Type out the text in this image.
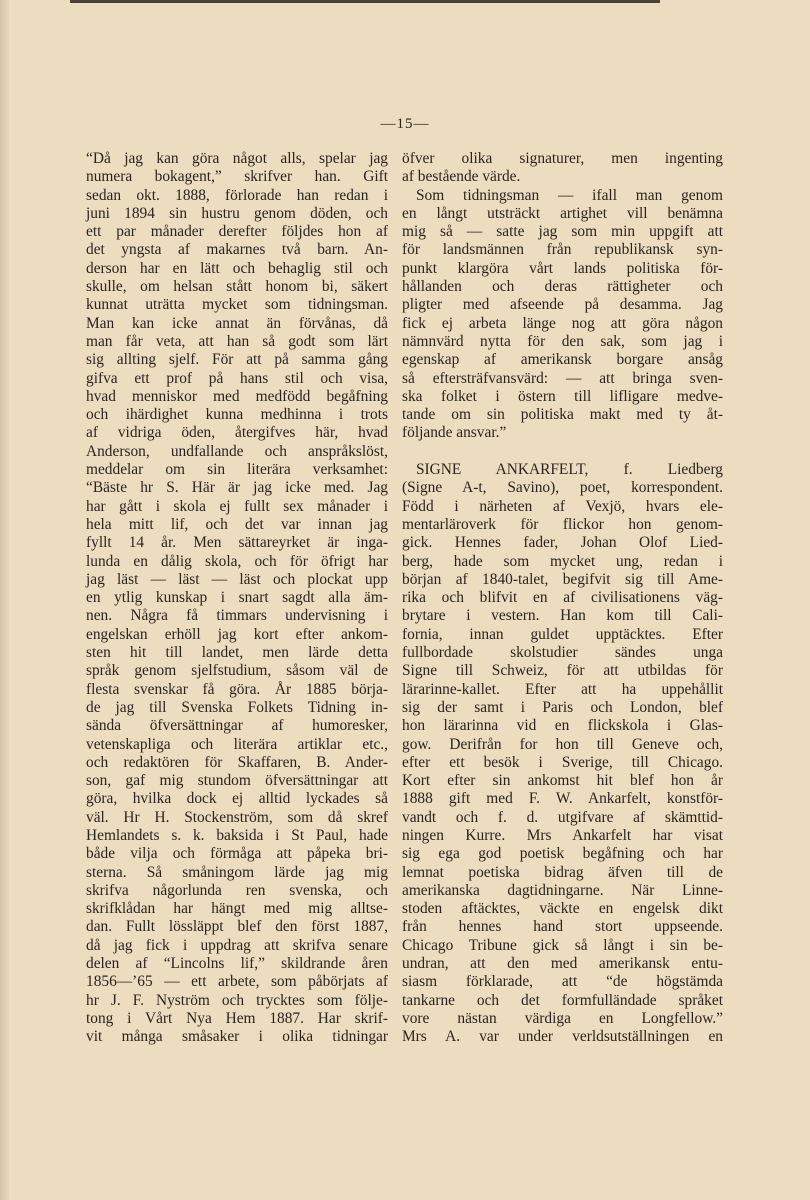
—15—
“Då jag kan göra något alls, spelar jag
numera bokagent,” skrifver han. Gift
sedan okt. 1888, förlorade han redan i
juni 1894 sin hustru genom döden, och
ett par månader derefter följdes hon af
det yngsta af makarnes två barn. An-
derson har en lätt och behaglig stil och
skulle, om helsan stått honom bi, säkert
kunnat uträtta mycket som tidningsman.
Man kan icke annat än förvånas, då
man får veta, att han så godt som lärt
sig allting sjelf. För att på samma gång
gifva ett prof på hans stil och visa,
hvad menniskor med medfödd begåfning
och ihärdighet kunna medhinna i trots
af vidriga öden, återgifves här, hvad
Anderson, undfallande och anspråkslöst,
meddelar om sin literära verksamhet:
“Bäste hr S. Här är jag icke med. Jag
har gått i skola ej fullt sex månader i
hela mitt lif, och det var innan jag
fyllt 14 år. Men sättareyrket är inga-
lunda en dålig skola, och för öfrigt har
jag läst — läst — läst och plockat upp
en ytlig kunskap i snart sagdt alla äm-
nen. Några få timmars undervisning i
engelskan erhöll jag kort efter ankom-
sten hit till landet, men lärde detta
språk genom sjelfstudium, såsom väl de
flesta svenskar få göra. År 1885 börja-
de jag till Svenska Folkets Tidning in-
sända öfversättningar af humoresker,
vetenskapliga och literära artiklar etc.,
och redaktören för Skaffaren, B. Ander-
son, gaf mig stundom öfversättningar att
göra, hvilka dock ej alltid lyckades så
väl. Hr H. Stockenström, som då skref
Hemlandets s. k. baksida i St Paul, hade
både vilja och förmåga att påpeka bri-
sterna. Så småningom lärde jag mig
skrifva någorlunda ren svenska, och
skrifklådan har hängt med mig alltse-
dan. Fullt lössläppt blef den först 1887,
då jag fick i uppdrag att skrifva senare
delen af “Lincolns lif,” skildrande åren
1856—’65 — ett arbete, som påbörjats af
hr J. F. Nyström och trycktes som följe-
tong i Vårt Nya Hem 1887. Har skrif-
vit många småsaker i olika tidningar
öfver olika signaturer, men ingenting
af bestående värde.
Som tidningsman — ifall man genom
en långt utsträckt artighet vill benämna
mig så — satte jag som min uppgift att
för landsmännen från republikansk syn-
punkt klargöra vårt lands politiska för-
hållanden och deras rättigheter och
pligter med afseende på desamma. Jag
fick ej arbeta länge nog att göra någon
nämnvärd nytta för den sak, som jag i
egenskap af amerikansk borgare ansåg
så eftersträfvansvärd: — att bringa sven-
ska folket i östern till lifligare medve-
tande om sin politiska makt med ty åt-
följande ansvar.”
SIGNE ANKARFELT, f. Liedberg
(Signe A-t, Savino), poet, korrespondent.
Född i närheten af Vexjö, hvars ele-
mentarläroverk för flickor hon genom-
gick. Hennes fader, Johan Olof Lied-
berg, hade som mycket ung, redan i
början af 1840-talet, begifvit sig till Ame-
rika och blifvit en af civilisationens väg-
brytare i vestern. Han kom till Cali-
fornia, innan guldet upptäcktes. Efter
fullbordade skolstudier sändes unga
Signe till Schweiz, för att utbildas för
lärarinne-kallet. Efter att ha uppehållit
sig der samt i Paris och London, blef
hon lärarinna vid en flickskola i Glas-
gow. Derifrån for hon till Geneve och,
efter ett besök i Sverige, till Chicago.
Kort efter sin ankomst hit blef hon år
1888 gift med F. W. Ankarfelt, konstför-
vandt och f. d. utgifvare af skämttid-
ningen Kurre. Mrs Ankarfelt har visat
sig ega god poetisk begåfning och har
lemnat poetiska bidrag äfven till de
amerikanska dagtidningarne. När Linne-
stoden aftäcktes, väckte en engelsk dikt
från hennes hand stort uppseende.
Chicago Tribune gick så långt i sin be-
undran, att den med amerikansk entu-
siasm förklarade, att “de högstämda
tankarne och det formfulländade språket
vore nästan värdiga en Longfellow.”
Mrs A. var under verldsutställningen en
